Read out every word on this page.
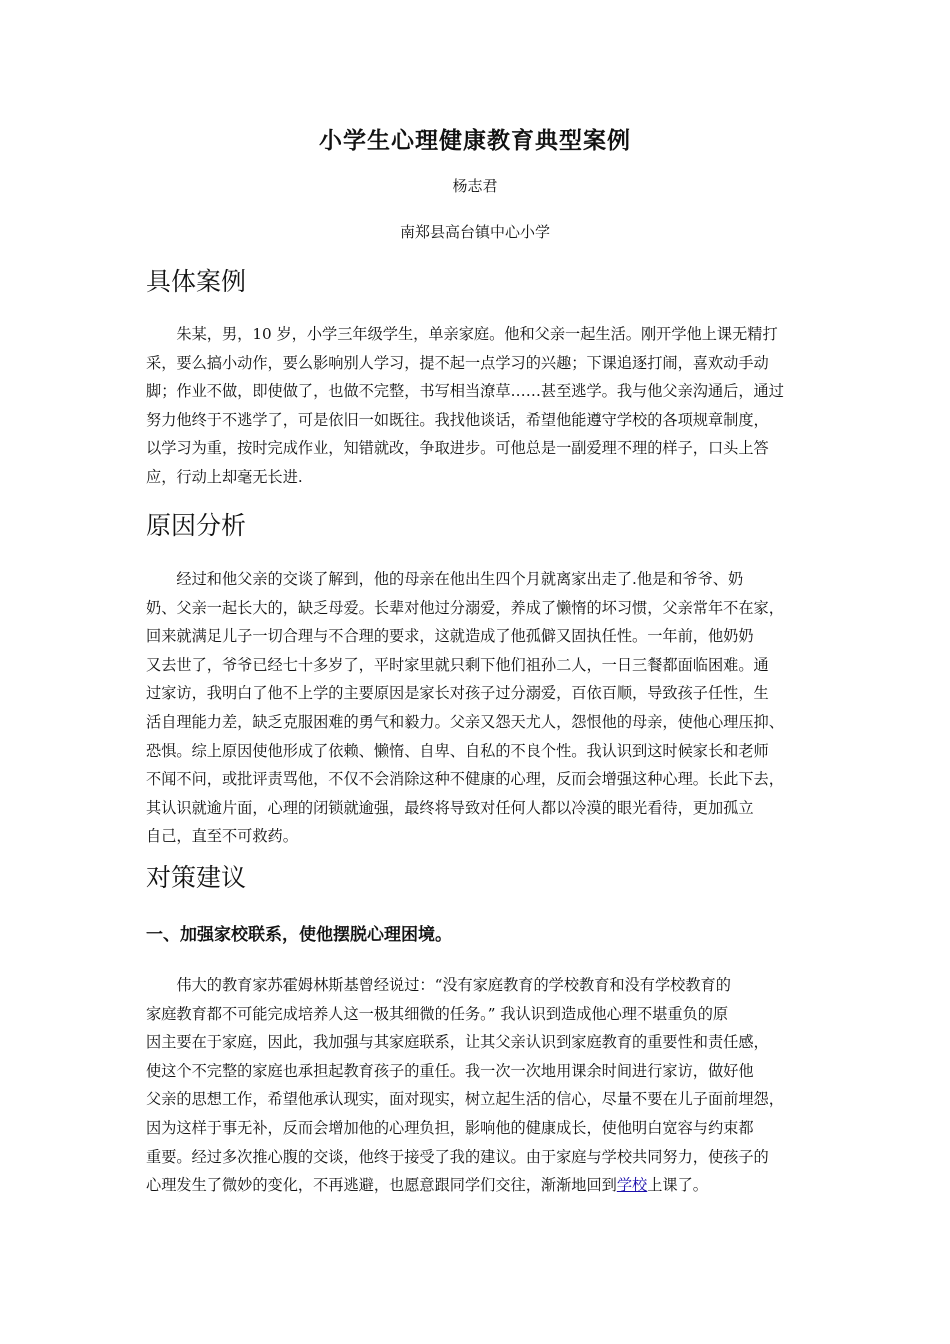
小学生心理健康教育典型案例
杨志君
南郑县高台镇中心小学
具体案例
　　朱某，男，10 岁，小学三年级学生，单亲家庭。他和父亲一起生活。刚开学他上课无精打
采，要么搞小动作，要么影响别人学习，提不起一点学习的兴趣；下课追逐打闹，喜欢动手动
脚；作业不做，即使做了，也做不完整，书写相当潦草……甚至逃学。我与他父亲沟通后，通过
努力他终于不逃学了，可是依旧一如既往。我找他谈话，希望他能遵守学校的各项规章制度，
以学习为重，按时完成作业，知错就改，争取进步。可他总是一副爱理不理的样子，口头上答
应，行动上却毫无长进.
原因分析
　　经过和他父亲的交谈了解到，他的母亲在他出生四个月就离家出走了.他是和爷爷、奶
奶、父亲一起长大的，缺乏母爱。长辈对他过分溺爱，养成了懒惰的坏习惯，父亲常年不在家，
回来就满足儿子一切合理与不合理的要求，这就造成了他孤僻又固执任性。一年前，他奶奶
又去世了，爷爷已经七十多岁了，平时家里就只剩下他们祖孙二人，一日三餐都面临困难。通
过家访，我明白了他不上学的主要原因是家长对孩子过分溺爱，百依百顺，导致孩子任性，生
活自理能力差，缺乏克服困难的勇气和毅力。父亲又怨天尤人，怨恨他的母亲，使他心理压抑、
恐惧。综上原因使他形成了依赖、懒惰、自卑、自私的不良个性。我认识到这时候家长和老师
不闻不问，或批评责骂他，不仅不会消除这种不健康的心理，反而会增强这种心理。长此下去，
其认识就逾片面，心理的闭锁就逾强，最终将导致对任何人都以冷漠的眼光看待，更加孤立
自己，直至不可救药。
对策建议
一、加强家校联系，使他摆脱心理困境。
　　伟大的教育家苏霍姆林斯基曾经说过：“没有家庭教育的学校教育和没有学校教育的
家庭教育都不可能完成培养人这一极其细微的任务。” 我认识到造成他心理不堪重负的原
因主要在于家庭，因此，我加强与其家庭联系，让其父亲认识到家庭教育的重要性和责任感，
使这个不完整的家庭也承担起教育孩子的重任。我一次一次地用课余时间进行家访，做好他
父亲的思想工作，希望他承认现实，面对现实，树立起生活的信心，尽量不要在儿子面前埋怨，
因为这样于事无补，反而会增加他的心理负担，影响他的健康成长，使他明白宽容与约束都
重要。经过多次推心腹的交谈，他终于接受了我的建议。由于家庭与学校共同努力，使孩子的
心理发生了微妙的变化，不再逃避，也愿意跟同学们交往，渐渐地回到学校上课了。
